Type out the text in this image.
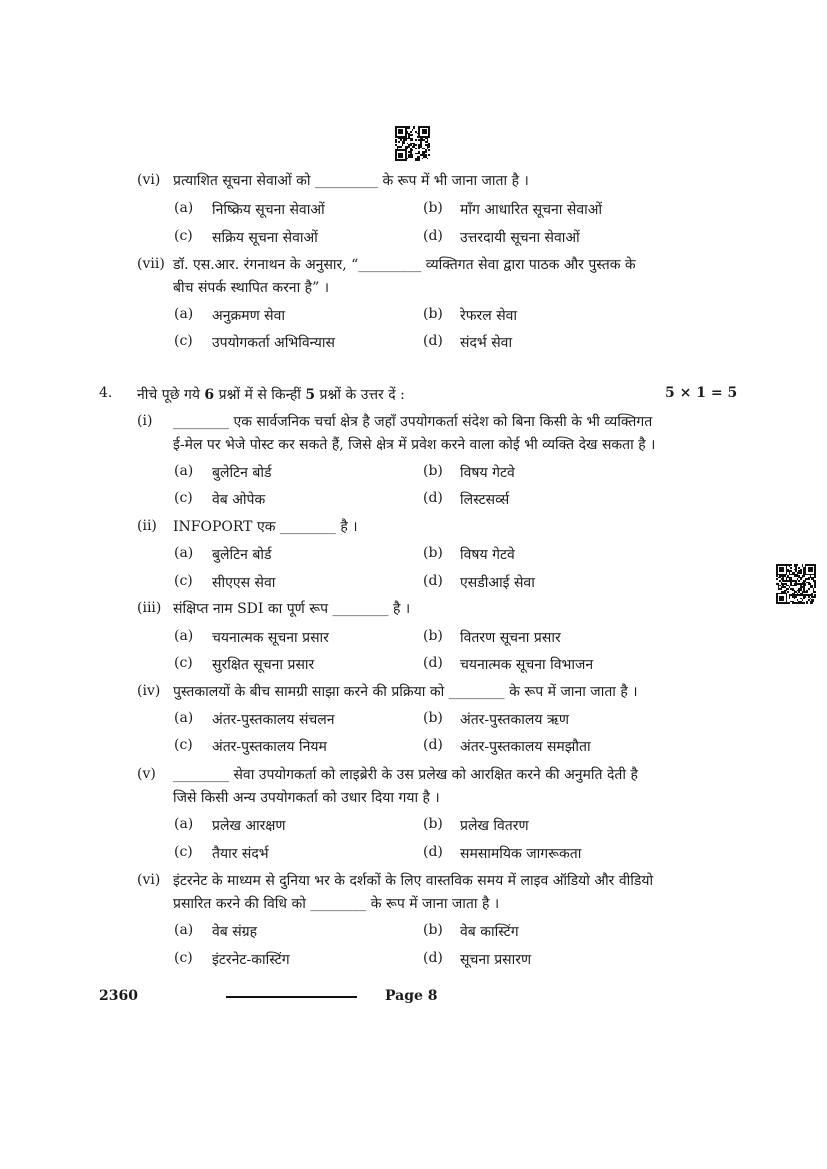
(vi) प्रत्याशित सूचना सेवाओं को _________ के रूप में भी जाना जाता है ।
(a) निष्क्रिय सूचना सेवाओं	(b) माँग आधारित सूचना सेवाओं
(c) सक्रिय सूचना सेवाओं	(d) उत्तरदायी सूचना सेवाओं
(vii) डॉ. एस.आर. रंगनाथन के अनुसार, “_________ व्यक्तिगत सेवा द्वारा पाठक और पुस्तक के
बीच संपर्क स्थापित करना है” ।
(a) अनुक्रमण सेवा	(b) रेफरल सेवा
(c) उपयोगकर्ता अभिविन्यास	(d) संदर्भ सेवा
4. नीचे पूछे गये 6 प्रश्नों में से किन्हीं 5 प्रश्नों के उत्तर दें :	5 × 1 = 5
(i) ________ एक सार्वजनिक चर्चा क्षेत्र है जहाँ उपयोगकर्ता संदेश को बिना किसी के भी व्यक्तिगत
ई-मेल पर भेजे पोस्ट कर सकते हैं, जिसे क्षेत्र में प्रवेश करने वाला कोई भी व्यक्ति देख सकता है ।
(a) बुलेटिन बोर्ड	(b) विषय गेटवे
(c) वेब ओपेक	(d) लिस्टसर्व्स
(ii) INFOPORT एक ________ है ।
(a) बुलेटिन बोर्ड	(b) विषय गेटवे
(c) सीएएस सेवा	(d) एसडीआई सेवा
(iii) संक्षिप्त नाम SDI का पूर्ण रूप ________ है ।
(a) चयनात्मक सूचना प्रसार	(b) वितरण सूचना प्रसार
(c) सुरक्षित सूचना प्रसार	(d) चयनात्मक सूचना विभाजन
(iv) पुस्तकालयों के बीच सामग्री साझा करने की प्रक्रिया को ________ के रूप में जाना जाता है ।
(a) अंतर-पुस्तकालय संचलन	(b) अंतर-पुस्तकालय ऋण
(c) अंतर-पुस्तकालय नियम	(d) अंतर-पुस्तकालय समझौता
(v) ________ सेवा उपयोगकर्ता को लाइब्रेरी के उस प्रलेख को आरक्षित करने की अनुमति देती है
जिसे किसी अन्य उपयोगकर्ता को उधार दिया गया है ।
(a) प्रलेख आरक्षण	(b) प्रलेख वितरण
(c) तैयार संदर्भ	(d) समसामयिक जागरूकता
(vi) इंटरनेट के माध्यम से दुनिया भर के दर्शकों के लिए वास्तविक समय में लाइव ऑडियो और वीडियो
प्रसारित करने की विधि को ________ के रूप में जाना जाता है ।
(a) वेब संग्रह	(b) वेब कास्टिंग
(c) इंटरनेट-कास्टिंग	(d) सूचना प्रसारण
2360	Page 8
